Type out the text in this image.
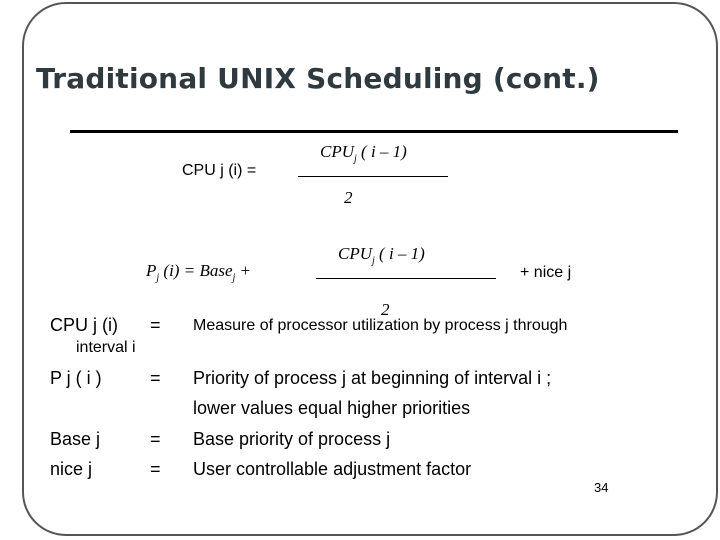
Traditional UNIX Scheduling (cont.)
CPU j (i) =
$CPU_j$ ( i – 1)
2
$P_j$ (i) = Base$_j$ +
$CPU_j$ ( i – 1)
2
+ nice j
CPU j (i) = Measure of processor utilization by process j through
interval i
P j ( i )	= Priority of process j at beginning of interval i ;
lower values equal higher priorities
Base j	= Base priority of process j
nice j	= User controllable adjustment factor
34
